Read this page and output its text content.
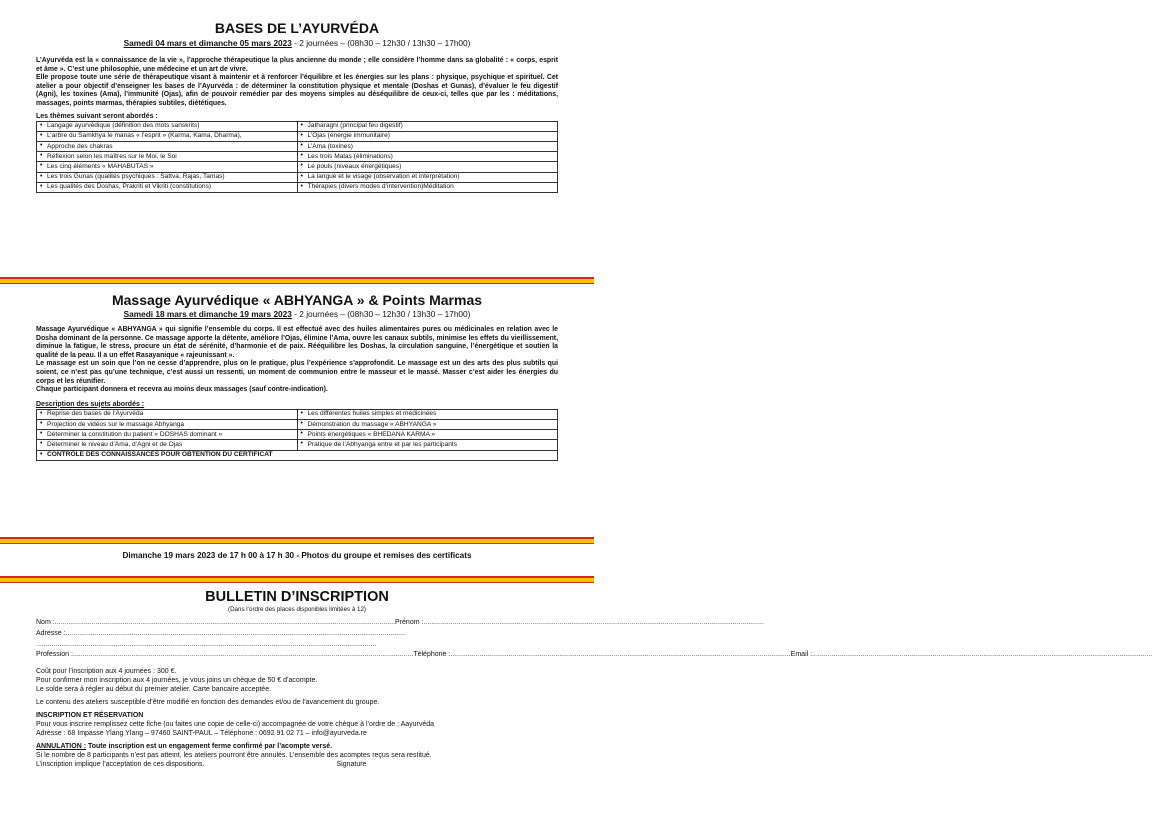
BASES DE L’AYURVÉDA
Samedi 04 mars et dimanche 05 mars 2023 - 2 journées – (08h30 – 12h30 / 13h30 – 17h00)

L’Ayurvéda est la « connaissance de la vie », l’approche thérapeutique la plus ancienne du monde ; elle considère l’homme dans sa globalité : « corps, esprit et âme ». C’est une philosophie, une médecine et un art de vivre.

Elle propose toute une série de thérapeutique visant à maintenir et à renforcer l’équilibre et les énergies sur les plans : physique, psychique et spirituel. Cet atelier a pour objectif d’enseigner les bases de l’Ayurvéda : de déterminer la constitution physique et mentale (Doshas et Gunas), d’évaluer le feu digestif (Agni), les toxines (Ama), l’immunité (Ojas), afin de pouvoir remédier par des moyens simples au déséquilibre de ceux-ci, telles que par les : méditations, massages, points marmas, thérapies subtiles, diététiques.

Les thèmes suivant seront abordés :
• Langage ayurvédique (définition des mots sanskrits)	• Jatharagni (principal feu digestif)
• L’arbre du Samkhya le manas « l’esprit » (Karma, Kama, Dharma),	• L’Ojas (énergie immunitaire)
• Approche des chakras	• L’Ama (toxines)
• Réflexion selon les maîtres sur le Moi, le Soi	• Les trois Malas (éliminations)
• Les cinq éléments « MAHABUTAS »	• Le pouls (niveaux énergétiques)
• Les trois Gunas (qualités psychiques : Sattva, Rajas, Tamas)	• La langue et le visage (observation et interprétation)
• Les qualités des Doshas, Prakriti et Vikriti (constitutions)	• Thérapies (divers modes d’intervention)Méditation
Massage Ayurvédique « ABHYANGA » & Points Marmas
Samedi 18 mars et dimanche 19 mars 2023 - 2 journées – (08h30 – 12h30 / 13h30 – 17h00)

Massage Ayurvédique « ABHYANGA » qui signifie l’ensemble du corps. Il est effectué avec des huiles alimentaires pures ou médicinales en relation avec le Dosha dominant de la personne. Ce massage apporte la détente, améliore l’Ojas, élimine l’Ama, ouvre les canaux subtils, minimise les effets du vieillissement, diminue la fatigue, le stress, procure un état de sérénité, d’harmonie et de paix. Rééquilibre les Doshas, la circulation sanguine, l’énergétique et soutien la qualité de la peau. Il a un effet Rasayanique « rajeunissant ».

Le massage est un soin que l’on ne cesse d’apprendre, plus on le pratique, plus l’expérience s’approfondit. Le massage est un des arts des plus subtils qui soient, ce n’est pas qu’une technique, c’est aussi un ressenti, un moment de communion entre le masseur et le massé. Masser c’est aider les énergies du corps et les réunifier.

Chaque participant donnera et recevra au moins deux massages (sauf contre-indication).

Description des sujets abordés :
• Reprise des bases de l’Ayurvéda	• Les différentes huiles simples et médicinées
• Projection de vidéos sur le massage Abhyanga	• Démonstration du massage « ABHYANGA »
• Déterminer la constitution du patient « DOSHAS dominant »	• Points énergétiques « BHEDANA KARMA »
• Déterminer le niveau d’Ama, d’Agni et de Ojas	• Pratique de l’Abhyanga entre et par les participants
• CONTRÔLE DES CONNAISSANCES POUR OBTENTION DU CERTIFICAT
Dimanche 19 mars 2023 de 17 h 00 à 17 h 30 - Photos du groupe et remises des certificats
BULLETIN D’INSCRIPTION
(Dans l’ordre des places disponibles limitées à 12)
Nom : ............................................................................................................................................................................... Prénom : ...............................................................................................................................................................................
Adresse : ...............................................................................................................................................................................
...............................................................................................................................................................................
Profession : ............................................................................................................................................................................... Téléphone : ............................................................................................................................................................................... Email : ...............................................................................................................................................................................
Coût pour l’inscription aux 4 journées : 300 €.
Pour confirmer mon inscription aux 4 journées, je vous joins un chèque de 50 € d’acompte.
Le solde sera à régler au début du premier atelier. Carte bancaire acceptée.
Le contenu des ateliers susceptible d’être modifié en fonction des demandes et/ou de l’avancement du groupe.
INSCRIPTION ET RÉSERVATION
Pour vous inscrire remplissez cette fiche (ou faites une copie de celle-ci) accompagnée de votre chèque à l’ordre de : Aayurvéda
Adresse : 68 Impasse Ylang Ylang – 97460 SAINT-PAUL – Téléphone : 0692 91 02 71 – info@ayurveda.re
ANNULATION : Toute inscription est un engagement ferme confirmé par l’acompte versé.
Si le nombre de 8 participants n’est pas atteint, les ateliers pourront être annulés. L’ensemble des acomptes reçus sera restitué.
L’inscription implique l’acceptation de ces dispositions.	Signature
